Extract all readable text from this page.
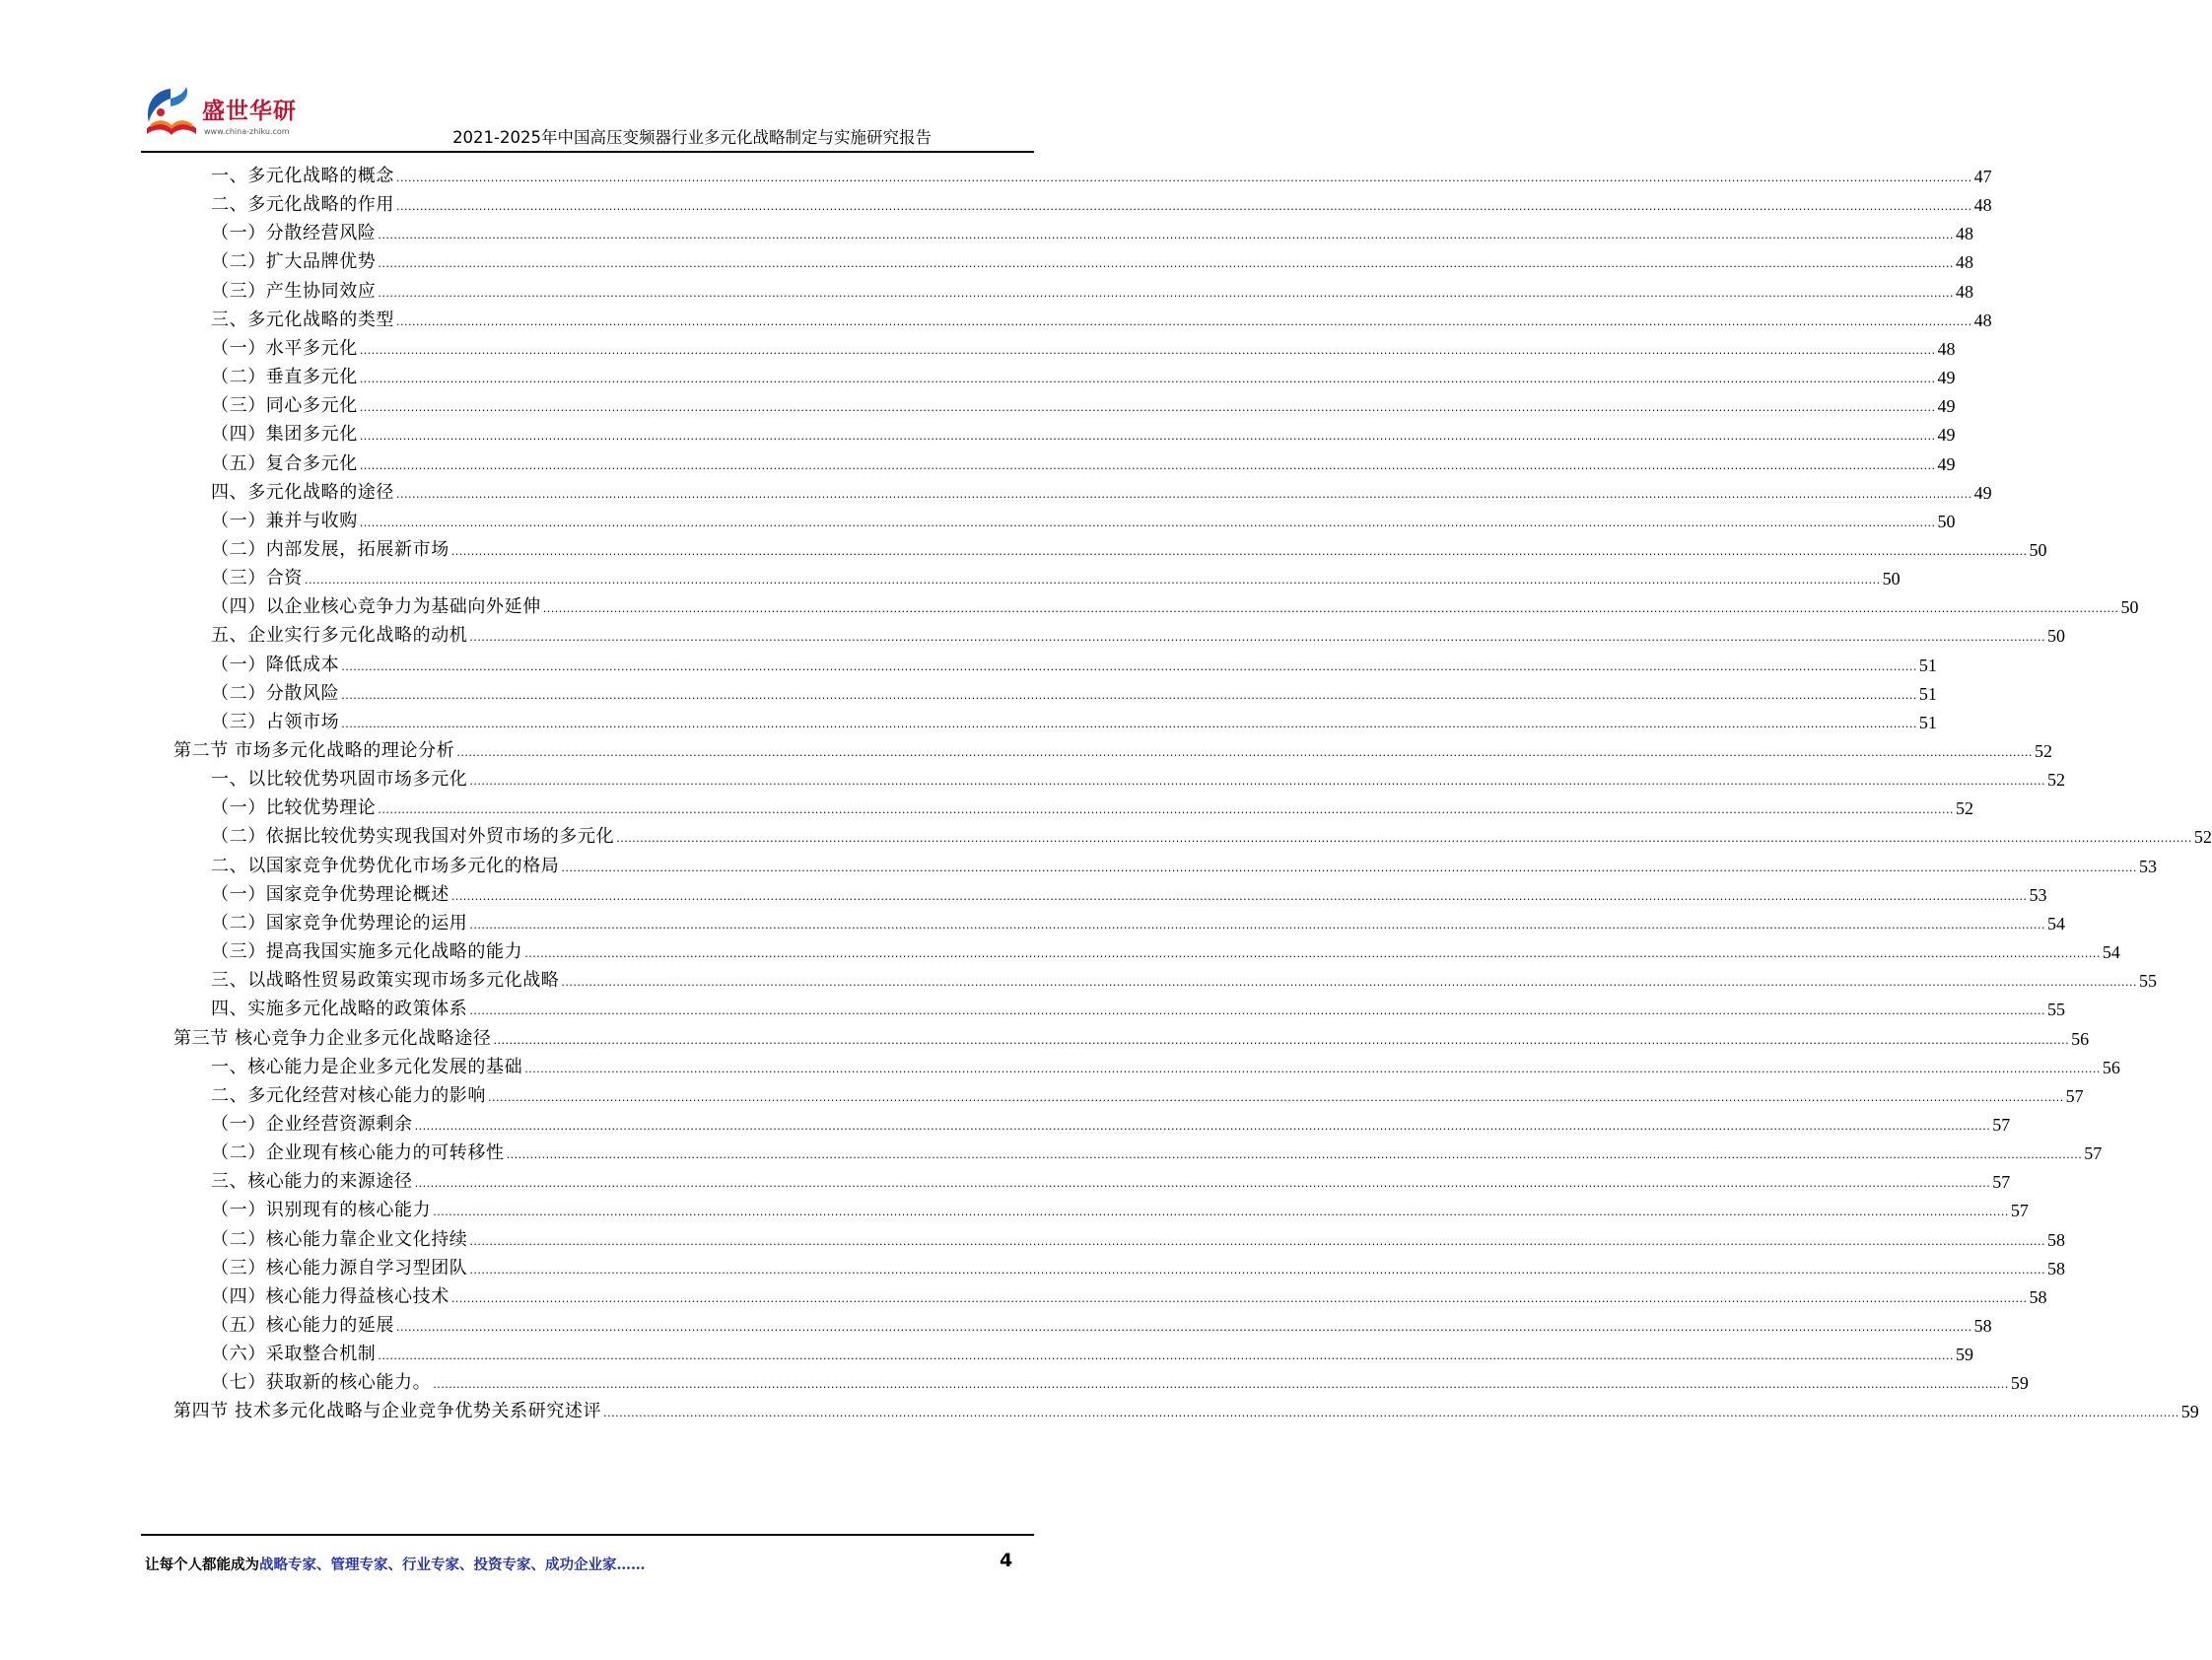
盛世华研
www.china-zhiku.com	2021-2025年中国高压变频器行业多元化战略制定与实施研究报告
一、多元化战略的概念 ................................................................................................................................................................................................................................................................................................................................................................................................................ 47
二、多元化战略的作用 ................................................................................................................................................................................................................................................................................................................................................................................................................ 48
（一）分散经营风险 ................................................................................................................................................................................................................................................................................................................................................................................................................ 48
（二）扩大品牌优势 ................................................................................................................................................................................................................................................................................................................................................................................................................ 48
（三）产生协同效应 ................................................................................................................................................................................................................................................................................................................................................................................................................ 48
三、多元化战略的类型 ................................................................................................................................................................................................................................................................................................................................................................................................................ 48
（一）水平多元化 ................................................................................................................................................................................................................................................................................................................................................................................................................ 48
（二）垂直多元化 ................................................................................................................................................................................................................................................................................................................................................................................................................ 49
（三）同心多元化 ................................................................................................................................................................................................................................................................................................................................................................................................................ 49
（四）集团多元化 ................................................................................................................................................................................................................................................................................................................................................................................................................ 49
（五）复合多元化 ................................................................................................................................................................................................................................................................................................................................................................................................................ 49
四、多元化战略的途径 ................................................................................................................................................................................................................................................................................................................................................................................................................ 49
（一）兼并与收购 ................................................................................................................................................................................................................................................................................................................................................................................................................ 50
（二）内部发展，拓展新市场 ................................................................................................................................................................................................................................................................................................................................................................................................................ 50
（三）合资 ................................................................................................................................................................................................................................................................................................................................................................................................................ 50
（四）以企业核心竞争力为基础向外延伸 ................................................................................................................................................................................................................................................................................................................................................................................................................ 50
五、企业实行多元化战略的动机 ................................................................................................................................................................................................................................................................................................................................................................................................................ 50
（一）降低成本 ................................................................................................................................................................................................................................................................................................................................................................................................................ 51
（二）分散风险 ................................................................................................................................................................................................................................................................................................................................................................................................................ 51
（三）占领市场 ................................................................................................................................................................................................................................................................................................................................................................................................................ 51
第二节 市场多元化战略的理论分析 ................................................................................................................................................................................................................................................................................................................................................................................................................ 52
一、以比较优势巩固市场多元化 ................................................................................................................................................................................................................................................................................................................................................................................................................ 52
（一）比较优势理论 ................................................................................................................................................................................................................................................................................................................................................................................................................ 52
（二）依据比较优势实现我国对外贸市场的多元化 ................................................................................................................................................................................................................................................................................................................................................................................................................ 52
二、以国家竞争优势优化市场多元化的格局 ................................................................................................................................................................................................................................................................................................................................................................................................................ 53
（一）国家竞争优势理论概述 ................................................................................................................................................................................................................................................................................................................................................................................................................ 53
（二）国家竞争优势理论的运用 ................................................................................................................................................................................................................................................................................................................................................................................................................ 54
（三）提高我国实施多元化战略的能力 ................................................................................................................................................................................................................................................................................................................................................................................................................ 54
三、以战略性贸易政策实现市场多元化战略 ................................................................................................................................................................................................................................................................................................................................................................................................................ 55
四、实施多元化战略的政策体系 ................................................................................................................................................................................................................................................................................................................................................................................................................ 55
第三节 核心竞争力企业多元化战略途径 ................................................................................................................................................................................................................................................................................................................................................................................................................ 56
一、核心能力是企业多元化发展的基础 ................................................................................................................................................................................................................................................................................................................................................................................................................ 56
二、多元化经营对核心能力的影响 ................................................................................................................................................................................................................................................................................................................................................................................................................ 57
（一）企业经营资源剩余 ................................................................................................................................................................................................................................................................................................................................................................................................................ 57
（二）企业现有核心能力的可转移性 ................................................................................................................................................................................................................................................................................................................................................................................................................ 57
三、核心能力的来源途径 ................................................................................................................................................................................................................................................................................................................................................................................................................ 57
（一）识别现有的核心能力 ................................................................................................................................................................................................................................................................................................................................................................................................................ 57
（二）核心能力靠企业文化持续 ................................................................................................................................................................................................................................................................................................................................................................................................................ 58
（三）核心能力源自学习型团队 ................................................................................................................................................................................................................................................................................................................................................................................................................ 58
（四）核心能力得益核心技术 ................................................................................................................................................................................................................................................................................................................................................................................................................ 58
（五）核心能力的延展 ................................................................................................................................................................................................................................................................................................................................................................................................................ 58
（六）采取整合机制 ................................................................................................................................................................................................................................................................................................................................................................................................................ 59
（七）获取新的核心能力。 ................................................................................................................................................................................................................................................................................................................................................................................................................ 59
第四节 技术多元化战略与企业竞争优势关系研究述评 ................................................................................................................................................................................................................................................................................................................................................................................................................ 59
让每个人都能成为战略专家、管理专家、行业专家、投资专家、成功企业家……	4
